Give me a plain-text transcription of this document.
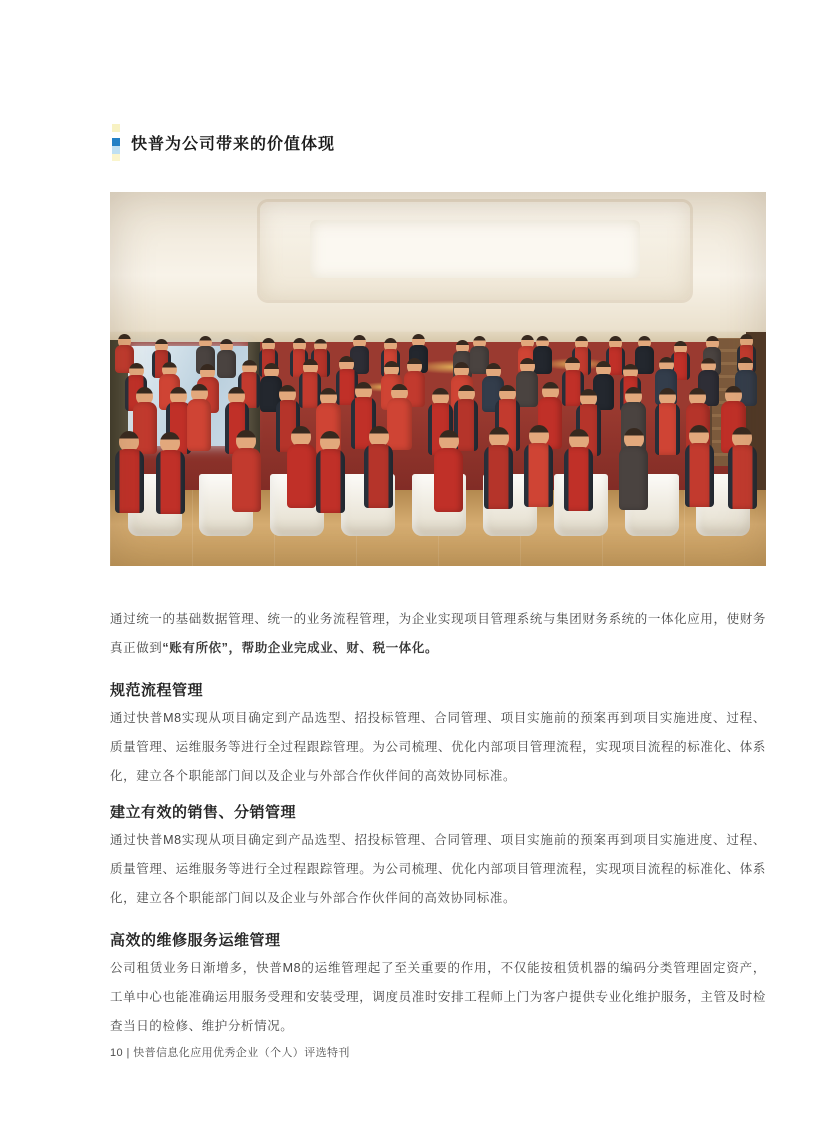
快普为公司带来的价值体现

通过统一的基础数据管理、统一的业务流程管理，为企业实现项目管理系统与集团财务系统的一体化应用，使财务真正做到“账有所依”，帮助企业完成业、财、税一体化。

规范流程管理

通过快普M8实现从项目确定到产品选型、招投标管理、合同管理、项目实施前的预案再到项目实施进度、过程、质量管理、运维服务等进行全过程跟踪管理。为公司梳理、优化内部项目管理流程，实现项目流程的标准化、体系化，建立各个职能部门间以及企业与外部合作伙伴间的高效协同标准。

建立有效的销售、分销管理

通过快普M8实现从项目确定到产品选型、招投标管理、合同管理、项目实施前的预案再到项目实施进度、过程、质量管理、运维服务等进行全过程跟踪管理。为公司梳理、优化内部项目管理流程，实现项目流程的标准化、体系化，建立各个职能部门间以及企业与外部合作伙伴间的高效协同标准。

高效的维修服务运维管理

公司租赁业务日渐增多，快普M8的运维管理起了至关重要的作用，不仅能按租赁机器的编码分类管理固定资产，工单中心也能准确运用服务受理和安装受理，调度员准时安排工程师上门为客户提供专业化维护服务，主管及时检查当日的检修、维护分析情况。

10 | 快普信息化应用优秀企业（个人）评选特刊
